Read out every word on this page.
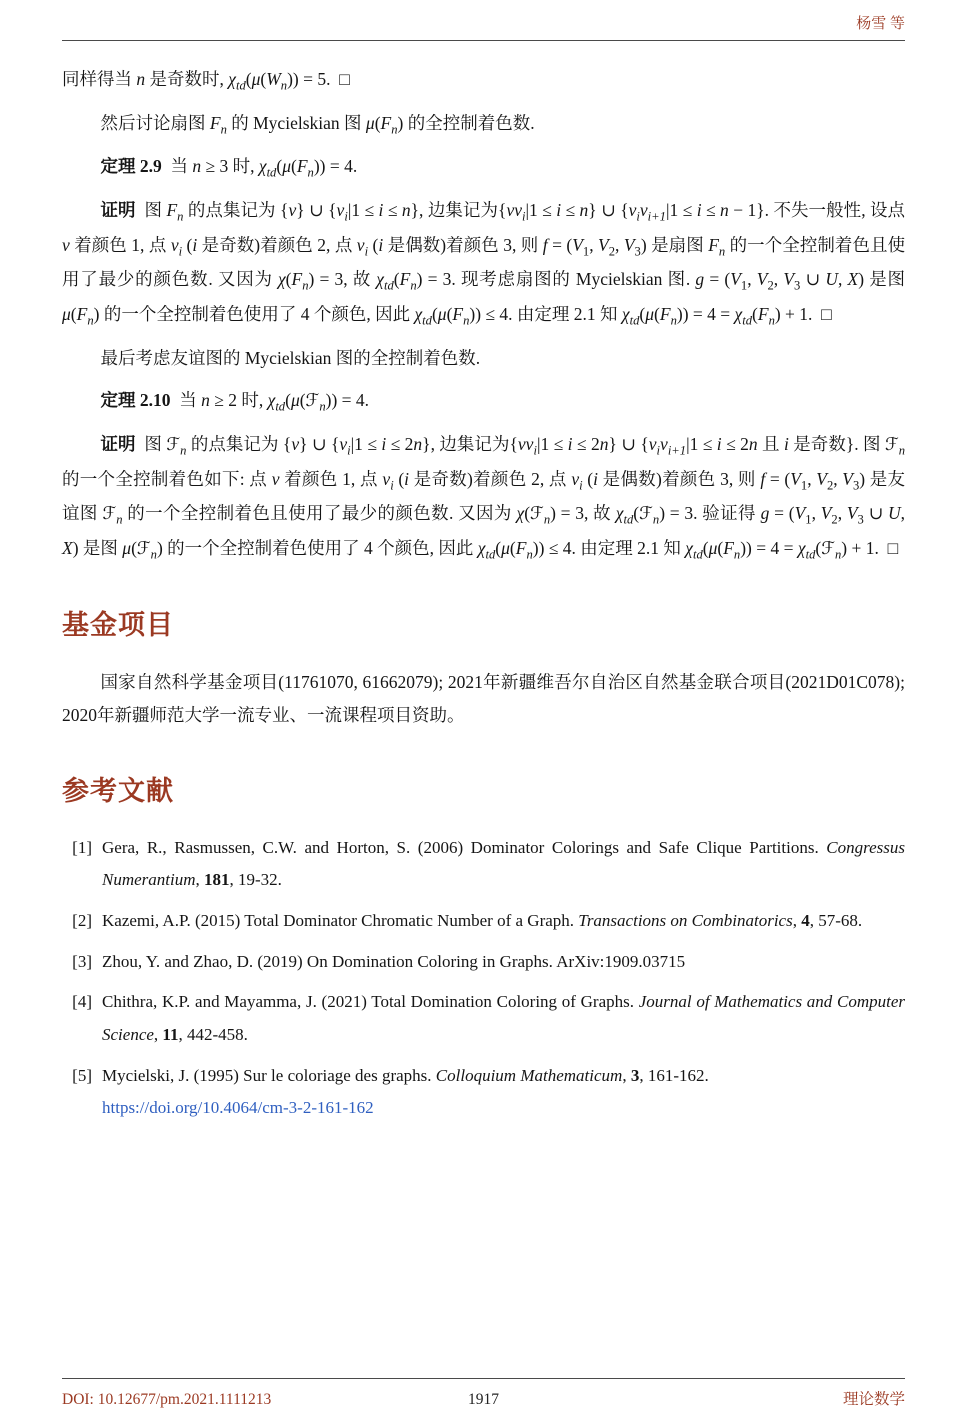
杨雪 等

同样得当 n 是奇数时, $\chi_{td}(\mu(W_n)) = 5$.  □

然后讨论扇图 $F_n$ 的 Mycielskian 图 $\mu(F_n)$ 的全控制着色数.

定理 2.9  当 n ≥ 3 时, $\chi_{td}(\mu(F_n)) = 4$.

证明  图 $F_n$ 的点集记为 {v} ∪ $\{v_i|1 \le i \le n\}$, 边集记为$\{vv_i|1 \le i \le n\}$ ∪ $\{v_iv_{i+1}|1 \le i \le n - 1\}$. 不失一般性, 设点 v 着颜色 1, 点 $v_i$ (i 是奇数)着颜色 2, 点 $v_i$ (i 是偶数)着颜色 3, 则 $f = (V_1$, $V_2$, $V_3$) 是扇图 $F_n$ 的一个全控制着色且使用了最少的颜色数. 又因为 $\chi(F_n) = 3$, 故 $\chi_{td}(F_n) = 3$. 现考虑扇图的 Mycielskian 图. $g = (V_1$, $V_2$, $V_3$ ∪ U, X) 是图 $\mu(F_n)$ 的一个全控制着色使用了 4 个颜色, 因此 $\chi_{td}(\mu(F_n)) \le 4$. 由定理 2.1 知 $\chi_{td}(\mu(F_n)) = 4 = \chi_{td}(F_n) + 1$.  □

最后考虑友谊图的 Mycielskian 图的全控制着色数.

定理 2.10  当 n ≥ 2 时, $\chi_{td}(\mu(ℱ_n)) = 4$.

证明  图 ℱ$_n$ 的点集记为 {v} ∪ $\{v_i|1 \le i \le 2n\}$, 边集记为$\{vv_i|1 \le i \le 2n\}$ ∪ {$v_iv_{i+1}|1 \le i \le 2n$ 且 i 是奇数}. 图 ℱ$_n$ 的一个全控制着色如下: 点 v 着颜色 1, 点 $v_i$ (i 是奇数)着颜色 2, 点 $v_i$ (i 是偶数)着颜色 3, 则 $f = (V_1$, $V_2$, $V_3$) 是友谊图 ℱ$_n$ 的一个全控制着色且使用了最少的颜色数. 又因为 χ(ℱ$_n$) = 3, 故 $\chi_{td}(ℱ_n) = 3$. 验证得 $g = (V_1$, $V_2$, $V_3$ ∪ U, X) 是图 μ(ℱ$_n$) 的一个全控制着色使用了 4 个颜色, 因此 $\chi_{td}(\mu(F_n)) \le 4$. 由定理 2.1 知 $\chi_{td}(\mu(F_n)) = 4$ = $\chi_{td}(ℱ_n) + 1$.  □

基金项目

国家自然科学基金项目(11761070, 61662079); 2021年新疆维吾尔自治区自然基金联合项目(2021D01C078); 2020年新疆师范大学一流专业、一流课程项目资助。

参考文献
[1] Gera, R., Rasmussen, C.W. and Horton, S. (2006) Dominator Colorings and Safe Clique Partitions. Congressus Numerantium, 181, 19-32.
[2] Kazemi, A.P. (2015) Total Dominator Chromatic Number of a Graph. Transactions on Combinatorics, 4, 57-68.
[3] Zhou, Y. and Zhao, D. (2019) On Domination Coloring in Graphs. ArXiv:1909.03715
[4] Chithra, K.P. and Mayamma, J. (2021) Total Domination Coloring of Graphs. Journal of Mathematics and Computer Science, 11, 442-458.
[5] Mycielski, J. (1995) Sur le coloriage des graphs. Colloquium Mathematicum, 3, 161-162.
https://doi.org/10.4064/cm-3-2-161-162
DOI: 10.12677/pm.2021.1111213	1917	理论数学
